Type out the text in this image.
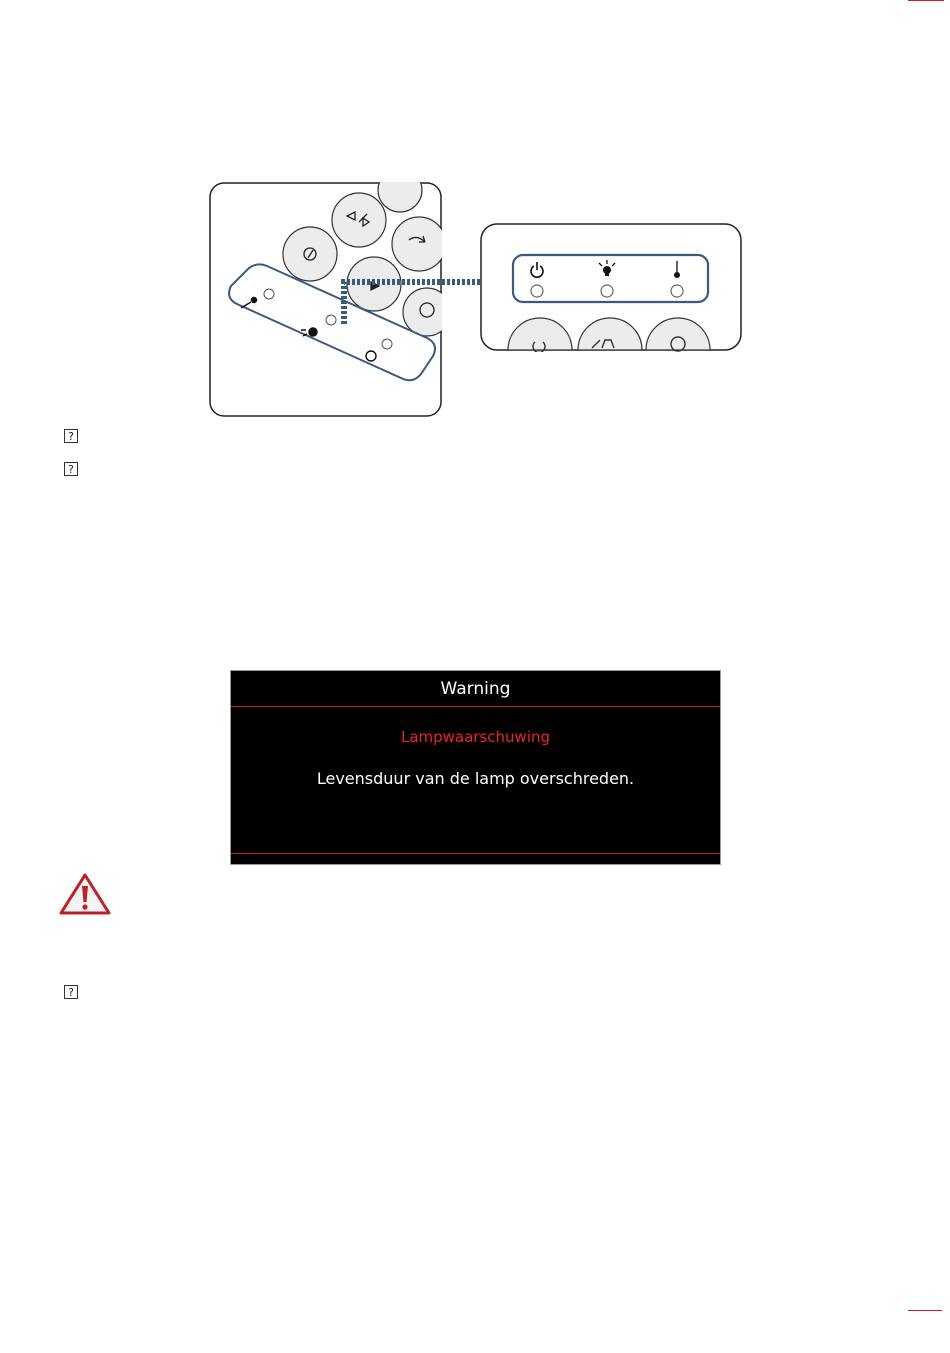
?
?
Warning
Lampwaarschuwing
Levensduur van de lamp overschreden.
?
